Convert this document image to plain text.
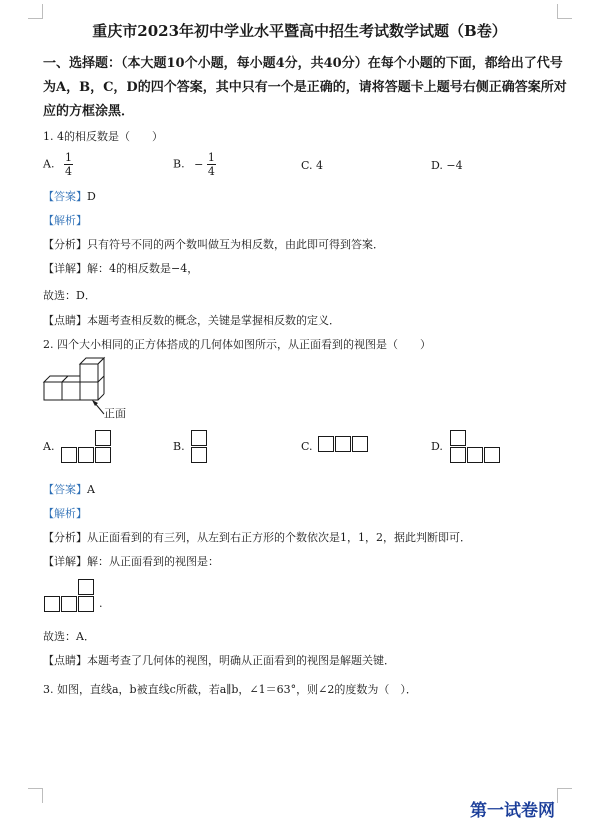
重庆市2023年初中学业水平暨高中招生考试数学试题（B卷）
一、选择题：（本大题10个小题，每小题4分，共40分）在每个小题的下面，都给出了代号
为A，B，C，D的四个答案，其中只有一个是正确的，请将答题卡上题号右侧正确答案所对
应的方框涂黑．
1. 4的相反数是（　　）
A. $\frac{1}{4}$	B. − $\frac{1}{4}$	C. 4	D. −4
【答案】D
【解析】
【分析】只有符号不同的两个数叫做互为相反数，由此即可得到答案．
【详解】解：4的相反数是−4，
故选：D．
【点睛】本题考查相反数的概念，关键是掌握相反数的定义．
2. 四个大小相同的正方体搭成的几何体如图所示，从正面看到的视图是（　　）
正面
A.	B.	C.	D.
【答案】A
【解析】
【分析】从正面看到的有三列，从左到右正方形的个数依次是1，1，2，据此判断即可．
【详解】解：从正面看到的视图是：
.
故选：A．
【点睛】本题考查了几何体的视图，明确从正面看到的视图是解题关键．
3. 如图，直线a，b被直线c所截，若a∥b，∠1＝63°，则∠2的度数为（　）．
第一试卷网
